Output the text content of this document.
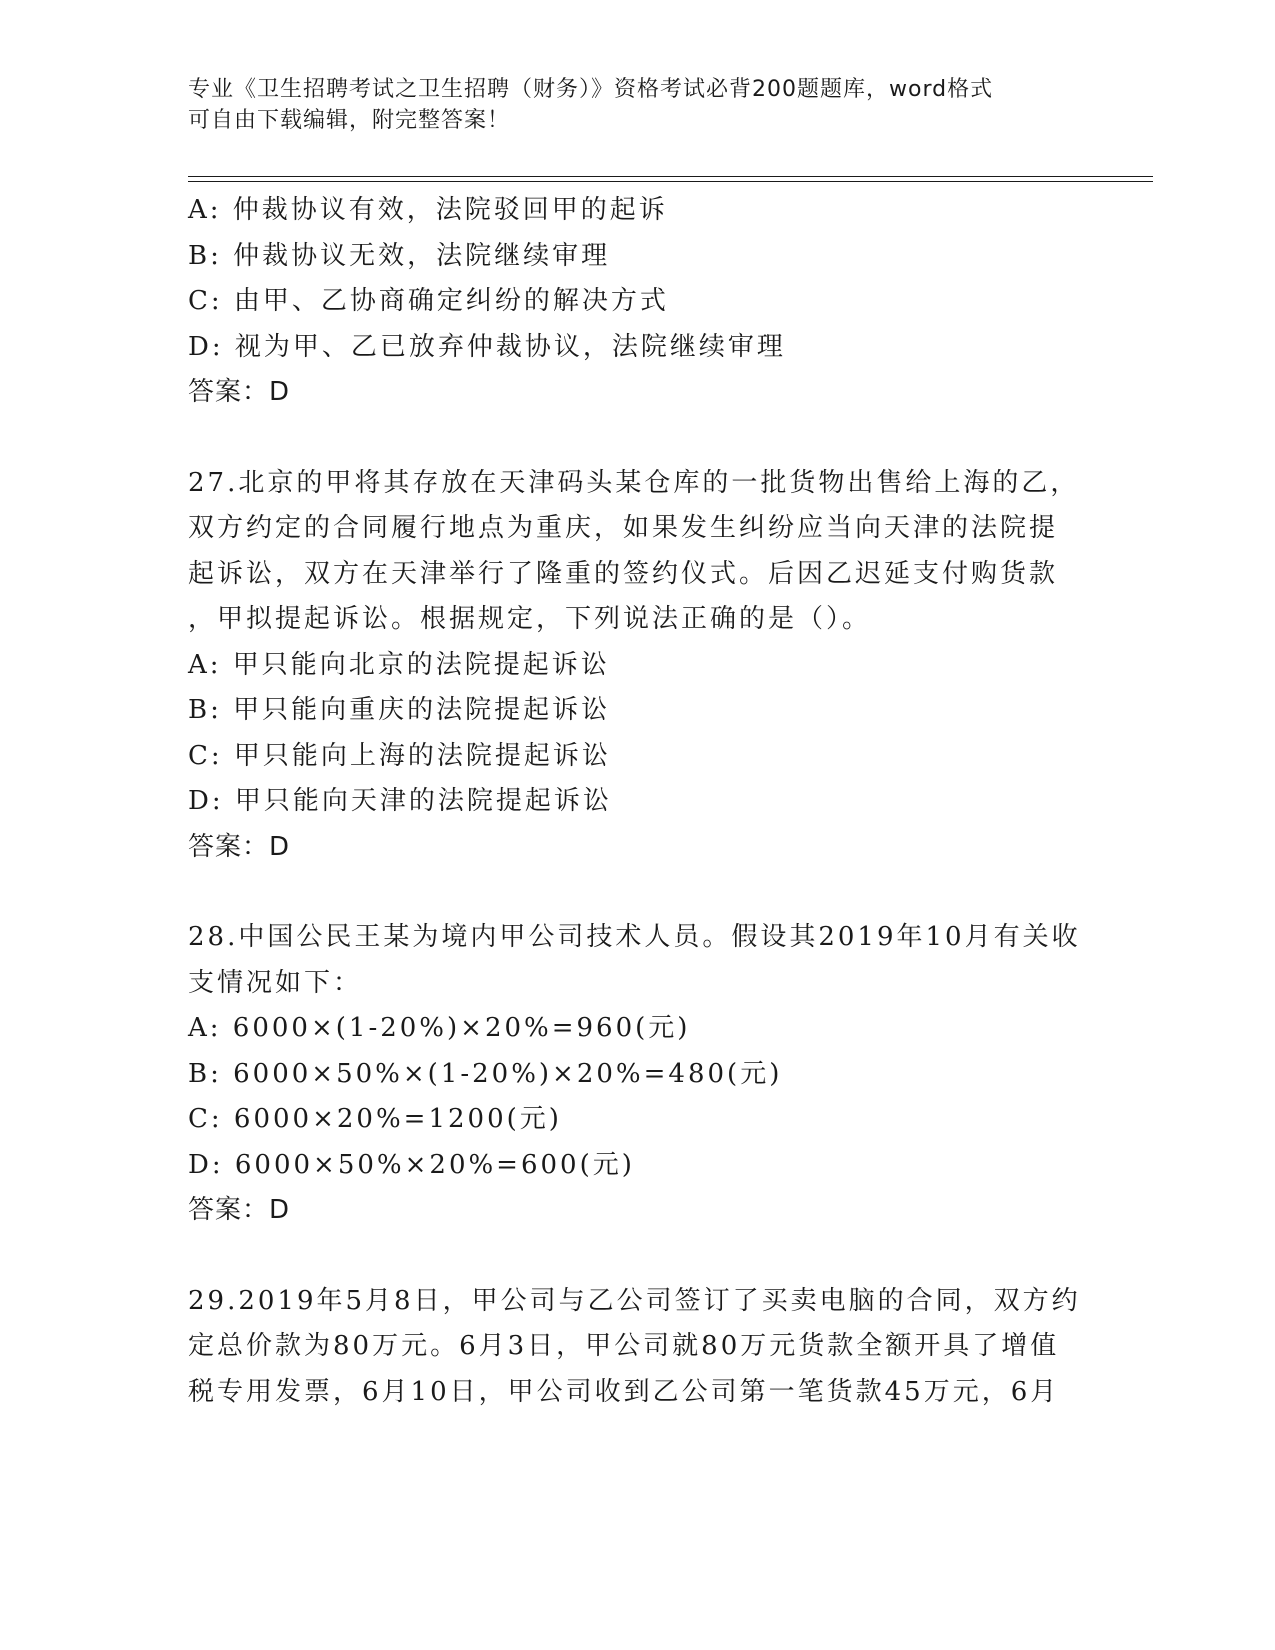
专业《卫生招聘考试之卫生招聘（财务）》资格考试必背200题题库，word格式
可自由下载编辑，附完整答案！
A: 仲裁协议有效，法院驳回甲的起诉
B: 仲裁协议无效，法院继续审理
C: 由甲、乙协商确定纠纷的解决方式
D: 视为甲、乙已放弃仲裁协议，法院继续审理
答案：D
27.北京的甲将其存放在天津码头某仓库的一批货物出售给上海的乙，
双方约定的合同履行地点为重庆，如果发生纠纷应当向天津的法院提
起诉讼，双方在天津举行了隆重的签约仪式。后因乙迟延支付购货款
，甲拟提起诉讼。根据规定，下列说法正确的是（）。
A: 甲只能向北京的法院提起诉讼
B: 甲只能向重庆的法院提起诉讼
C: 甲只能向上海的法院提起诉讼
D: 甲只能向天津的法院提起诉讼
答案：D
28.中国公民王某为境内甲公司技术人员。假设其2019年10月有关收
支情况如下：
A: 6000×(1-20%)×20%=960(元)
B: 6000×50%×(1-20%)×20%=480(元)
C: 6000×20%=1200(元)
D: 6000×50%×20%=600(元)
答案：D
29.2019年5月8日，甲公司与乙公司签订了买卖电脑的合同，双方约
定总价款为80万元。6月3日，甲公司就80万元货款全额开具了增值
税专用发票，6月10日，甲公司收到乙公司第一笔货款45万元，6月
